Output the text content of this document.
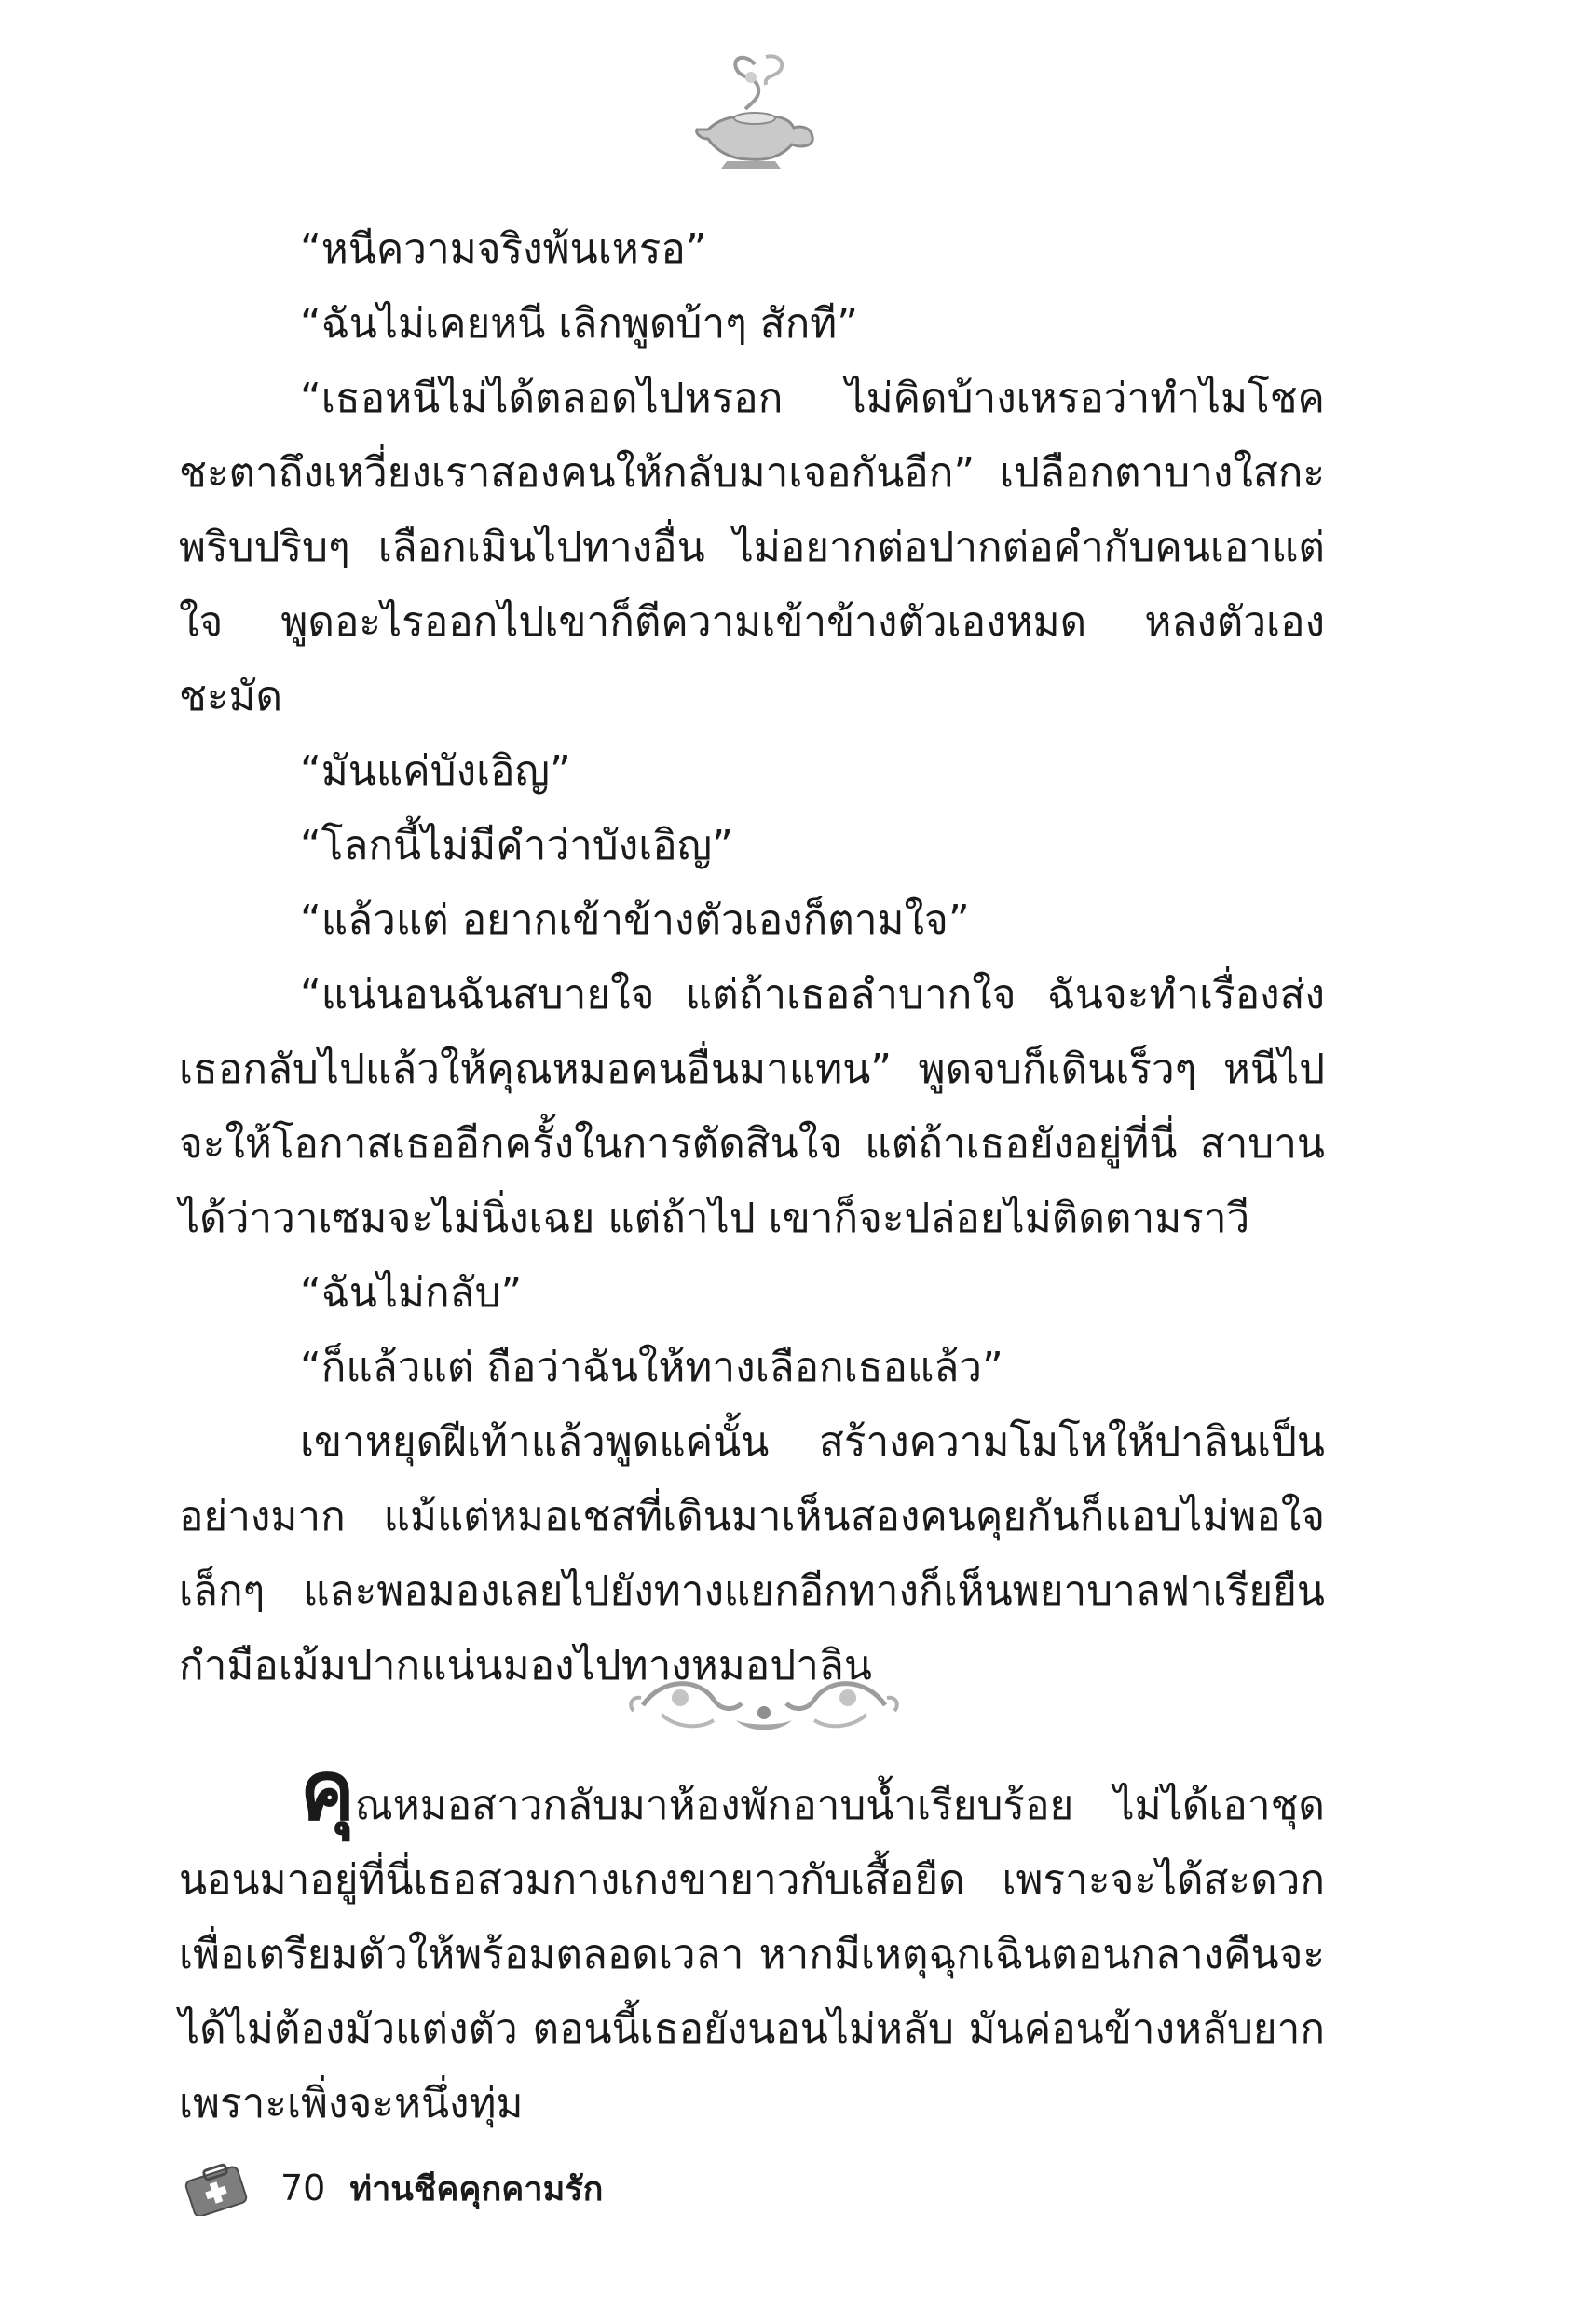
“หนีความจริงพ้นเหรอ”

“ฉันไม่เคยหนี เลิกพูดบ้าๆ สักที”

“เธอหนีไม่ได้ตลอดไปหรอก ไม่คิดบ้างเหรอว่าทำไมโชคชะตาถึงเหวี่ยงเราสองคนให้กลับมาเจอกันอีก” เปลือกตาบางใสกะพริบปริบๆ เลือกเมินไปทางอื่น ไม่อยากต่อปากต่อคำกับคนเอาแต่ใจ พูดอะไรออกไปเขาก็ตีความเข้าข้างตัวเองหมด หลงตัวเองชะมัด

“มันแค่บังเอิญ”

“โลกนี้ไม่มีคำว่าบังเอิญ”

“แล้วแต่ อยากเข้าข้างตัวเองก็ตามใจ”

“แน่นอนฉันสบายใจ แต่ถ้าเธอลำบากใจ ฉันจะทำเรื่องส่งเธอกลับไปแล้วให้คุณหมอคนอื่นมาแทน” พูดจบก็เดินเร็วๆ หนีไป จะให้โอกาสเธออีกครั้งในการตัดสินใจ แต่ถ้าเธอยังอยู่ที่นี่ สาบานได้ว่าวาเซมจะไม่นิ่งเฉย แต่ถ้าไป เขาก็จะปล่อยไม่ติดตามราวี

“ฉันไม่กลับ”

“ก็แล้วแต่ ถือว่าฉันให้ทางเลือกเธอแล้ว”

เขาหยุดฝีเท้าแล้วพูดแค่นั้น สร้างความโมโหให้ปาลินเป็นอย่างมาก แม้แต่หมอเชสที่เดินมาเห็นสองคนคุยกันก็แอบไม่พอใจเล็กๆ และพอมองเลยไปยังทางแยกอีกทางก็เห็นพยาบาลฟาเรียยืนกำมือเม้มปากแน่นมองไปทางหมอปาลิน

คุณหมอสาวกลับมาห้องพักอาบน้ำเรียบร้อย ไม่ได้เอาชุดนอนมาอยู่ที่นี่เธอสวมกางเกงขายาวกับเสื้อยืด เพราะจะได้สะดวก เพื่อเตรียมตัวให้พร้อมตลอดเวลา หากมีเหตุฉุกเฉินตอนกลางคืนจะได้ไม่ต้องมัวแต่งตัว ตอนนี้เธอยังนอนไม่หลับ มันค่อนข้างหลับยาก เพราะเพิ่งจะหนึ่งทุ่ม

70 ท่านชีคคุกคามรัก
